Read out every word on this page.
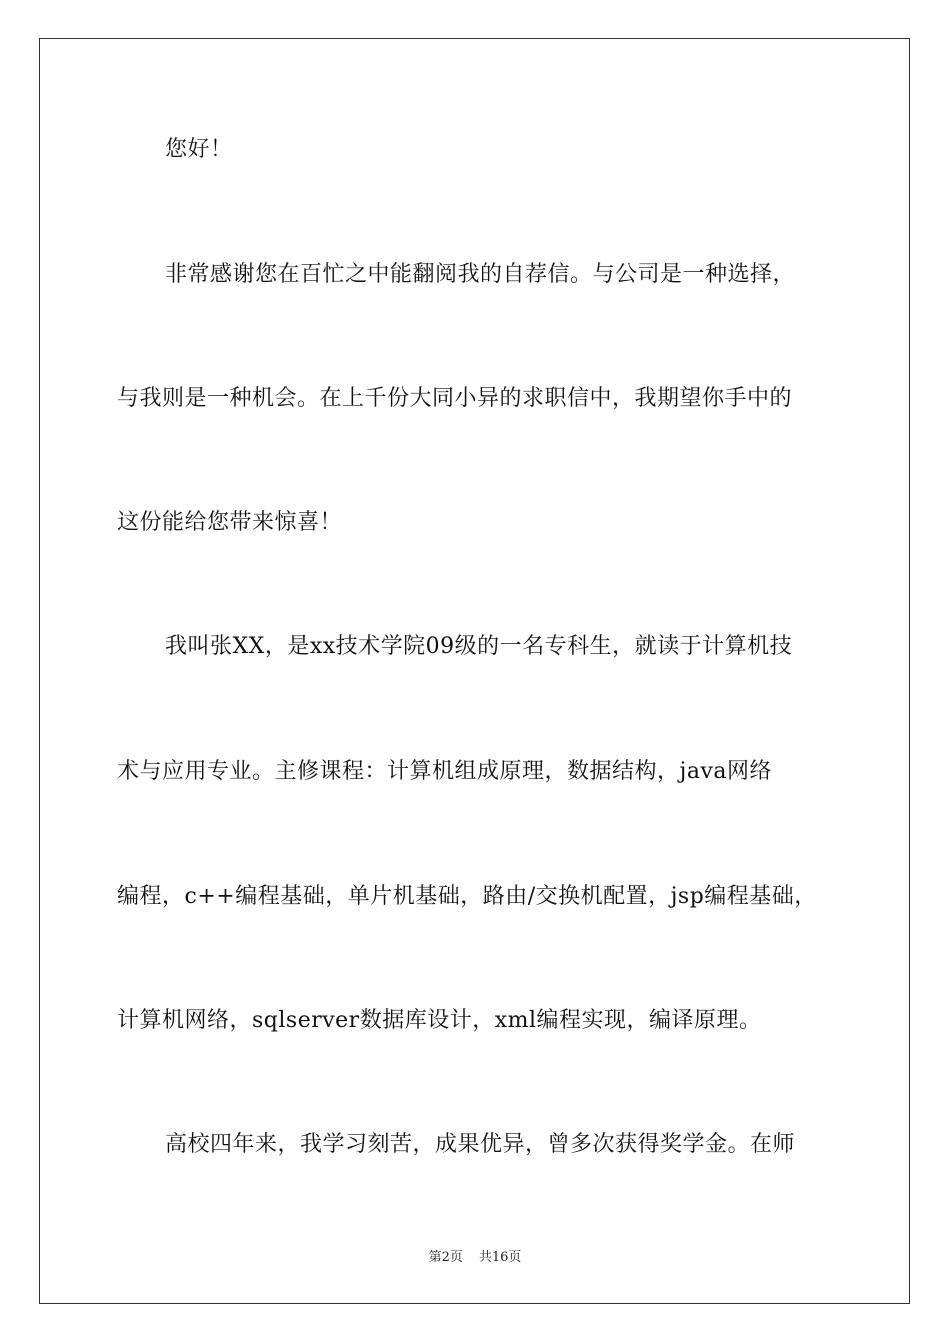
您好！
非常感谢您在百忙之中能翻阅我的自荐信。与公司是一种选择，
与我则是一种机会。在上千份大同小异的求职信中，我期望你手中的
这份能给您带来惊喜！
我叫张XX，是xx技术学院09级的一名专科生，就读于计算机技
术与应用专业。主修课程：计算机组成原理，数据结构，java网络
编程，c++编程基础，单片机基础，路由/交换机配置，jsp编程基础，
计算机网络，sqlserver数据库设计，xml编程实现，编译原理。
高校四年来，我学习刻苦，成果优异，曾多次获得奖学金。在师
第2页 共16页
